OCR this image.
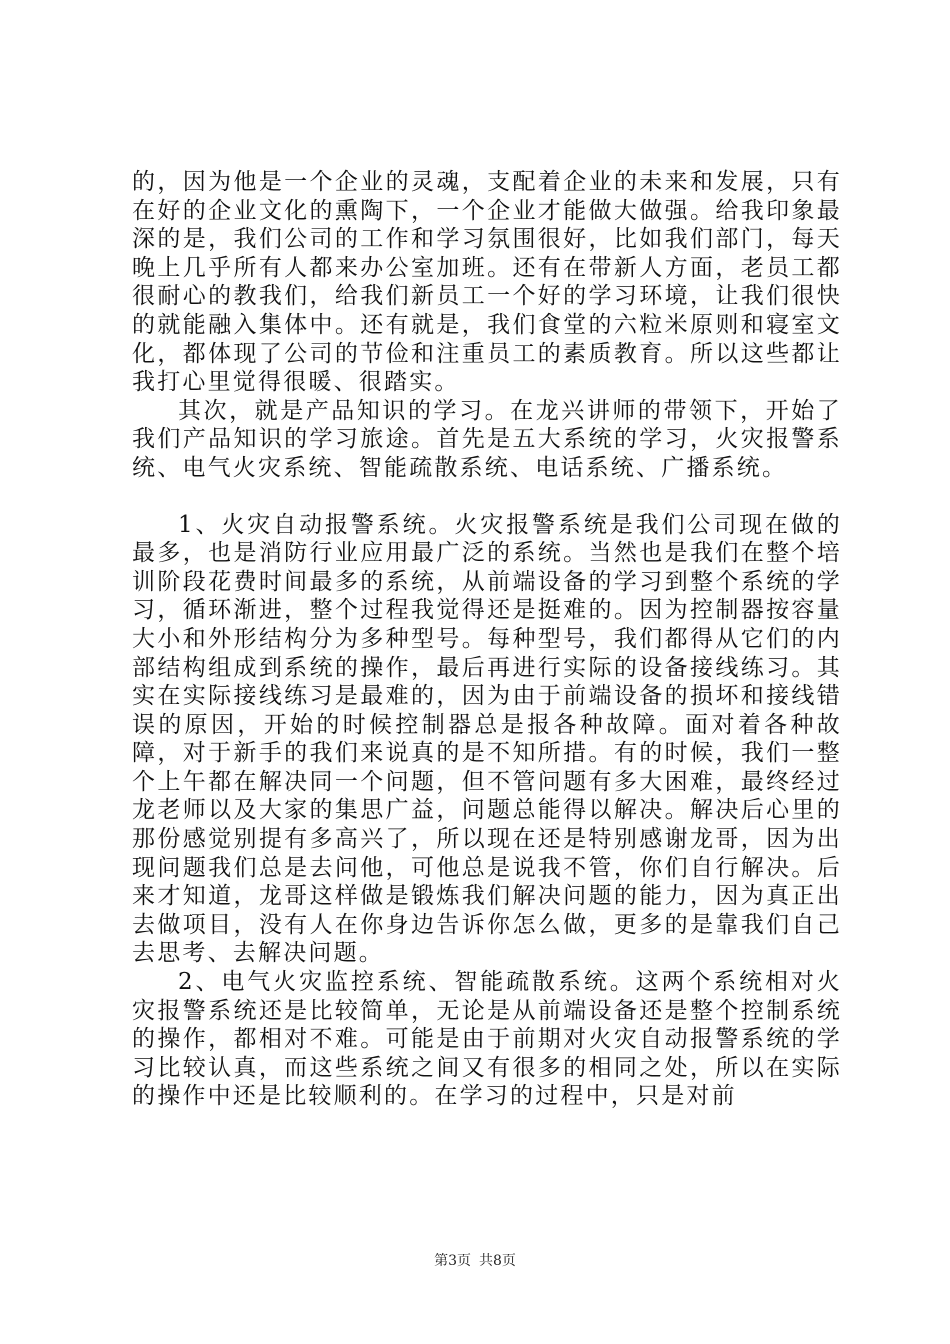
的，因为他是一个企业的灵魂，支配着企业的未来和发展，只有在好的企业文化的熏陶下，一个企业才能做大做强。给我印象最深的是，我们公司的工作和学习氛围很好，比如我们部门，每天晚上几乎所有人都来办公室加班。还有在带新人方面，老员工都很耐心的教我们，给我们新员工一个好的学习环境，让我们很快的就能融入集体中。还有就是，我们食堂的六粒米原则和寝室文化，都体现了公司的节俭和注重员工的素质教育。所以这些都让我打心里觉得很暖、很踏实。

其次，就是产品知识的学习。在龙兴讲师的带领下，开始了我们产品知识的学习旅途。首先是五大系统的学习，火灾报警系统、电气火灾系统、智能疏散系统、电话系统、广播系统。

1、火灾自动报警系统。火灾报警系统是我们公司现在做的最多，也是消防行业应用最广泛的系统。当然也是我们在整个培训阶段花费时间最多的系统，从前端设备的学习到整个系统的学习，循环渐进，整个过程我觉得还是挺难的。因为控制器按容量大小和外形结构分为多种型号。每种型号，我们都得从它们的内部结构组成到系统的操作，最后再进行实际的设备接线练习。其实在实际接线练习是最难的，因为由于前端设备的损坏和接线错误的原因，开始的时候控制器总是报各种故障。面对着各种故障，对于新手的我们来说真的是不知所措。有的时候，我们一整个上午都在解决同一个问题，但不管问题有多大困难，最终经过龙老师以及大家的集思广益，问题总能得以解决。解决后心里的那份感觉别提有多高兴了，所以现在还是特别感谢龙哥，因为出现问题我们总是去问他，可他总是说我不管，你们自行解决。后来才知道，龙哥这样做是锻炼我们解决问题的能力，因为真正出去做项目，没有人在你身边告诉你怎么做，更多的是靠我们自己去思考、去解决问题。

2、电气火灾监控系统、智能疏散系统。这两个系统相对火灾报警系统还是比较简单，无论是从前端设备还是整个控制系统的操作，都相对不难。可能是由于前期对火灾自动报警系统的学习比较认真，而这些系统之间又有很多的相同之处，所以在实际的操作中还是比较顺利的。在学习的过程中，只是对前

第3页 共8页
